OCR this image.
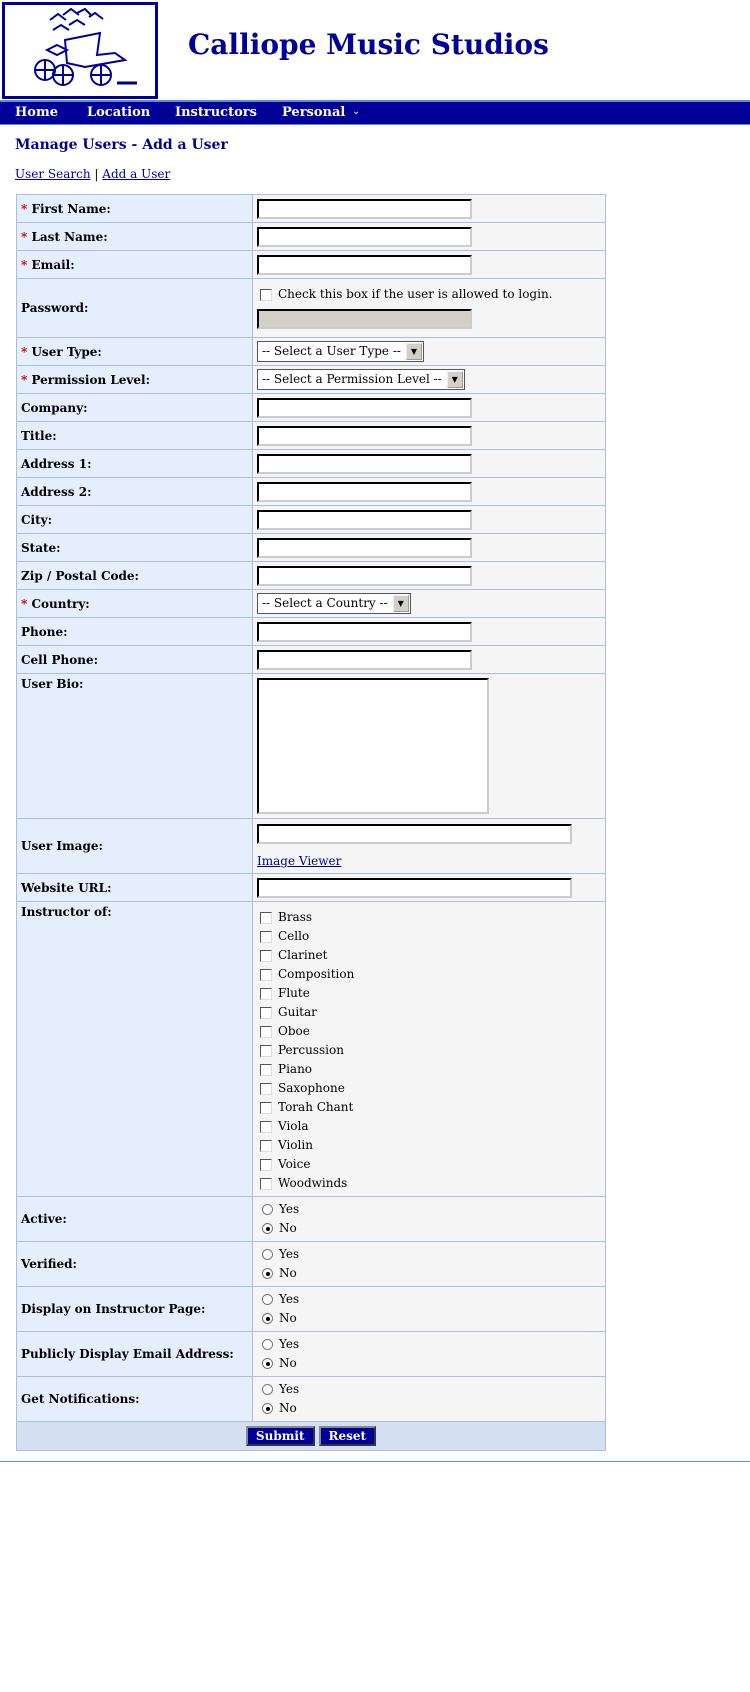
Calliope Music Studios
Home Location Instructors Personal ⌄
Manage Users - Add a User
User Search | Add a User
* First Name:	

* Last Name:	

* Email:	

Password:	Check this box if the user is allowed to login.

* User Type:	-- Select a User Type -- ▼

* Permission Level:	-- Select a Permission Level -- ▼

Company:	

Title:	

Address 1:	

Address 2:	

City:	

State:	

Zip / Postal Code:	

* Country:	-- Select a Country -- ▼

Phone:	

Cell Phone:	

User Bio:	

User Image:	Image Viewer

Website URL:	

Instructor of:	Brass
Cello
Clarinet
Composition
Flute
Guitar
Oboe
Percussion
Piano
Saxophone
Torah Chant
Viola
Violin
Voice
Woodwinds

Active:	Yes
No

Verified:	Yes
No

Display on Instructor Page:	Yes
No

Publicly Display Email Address:	Yes
No

Get Notifications:	Yes
No

Submit Reset	
